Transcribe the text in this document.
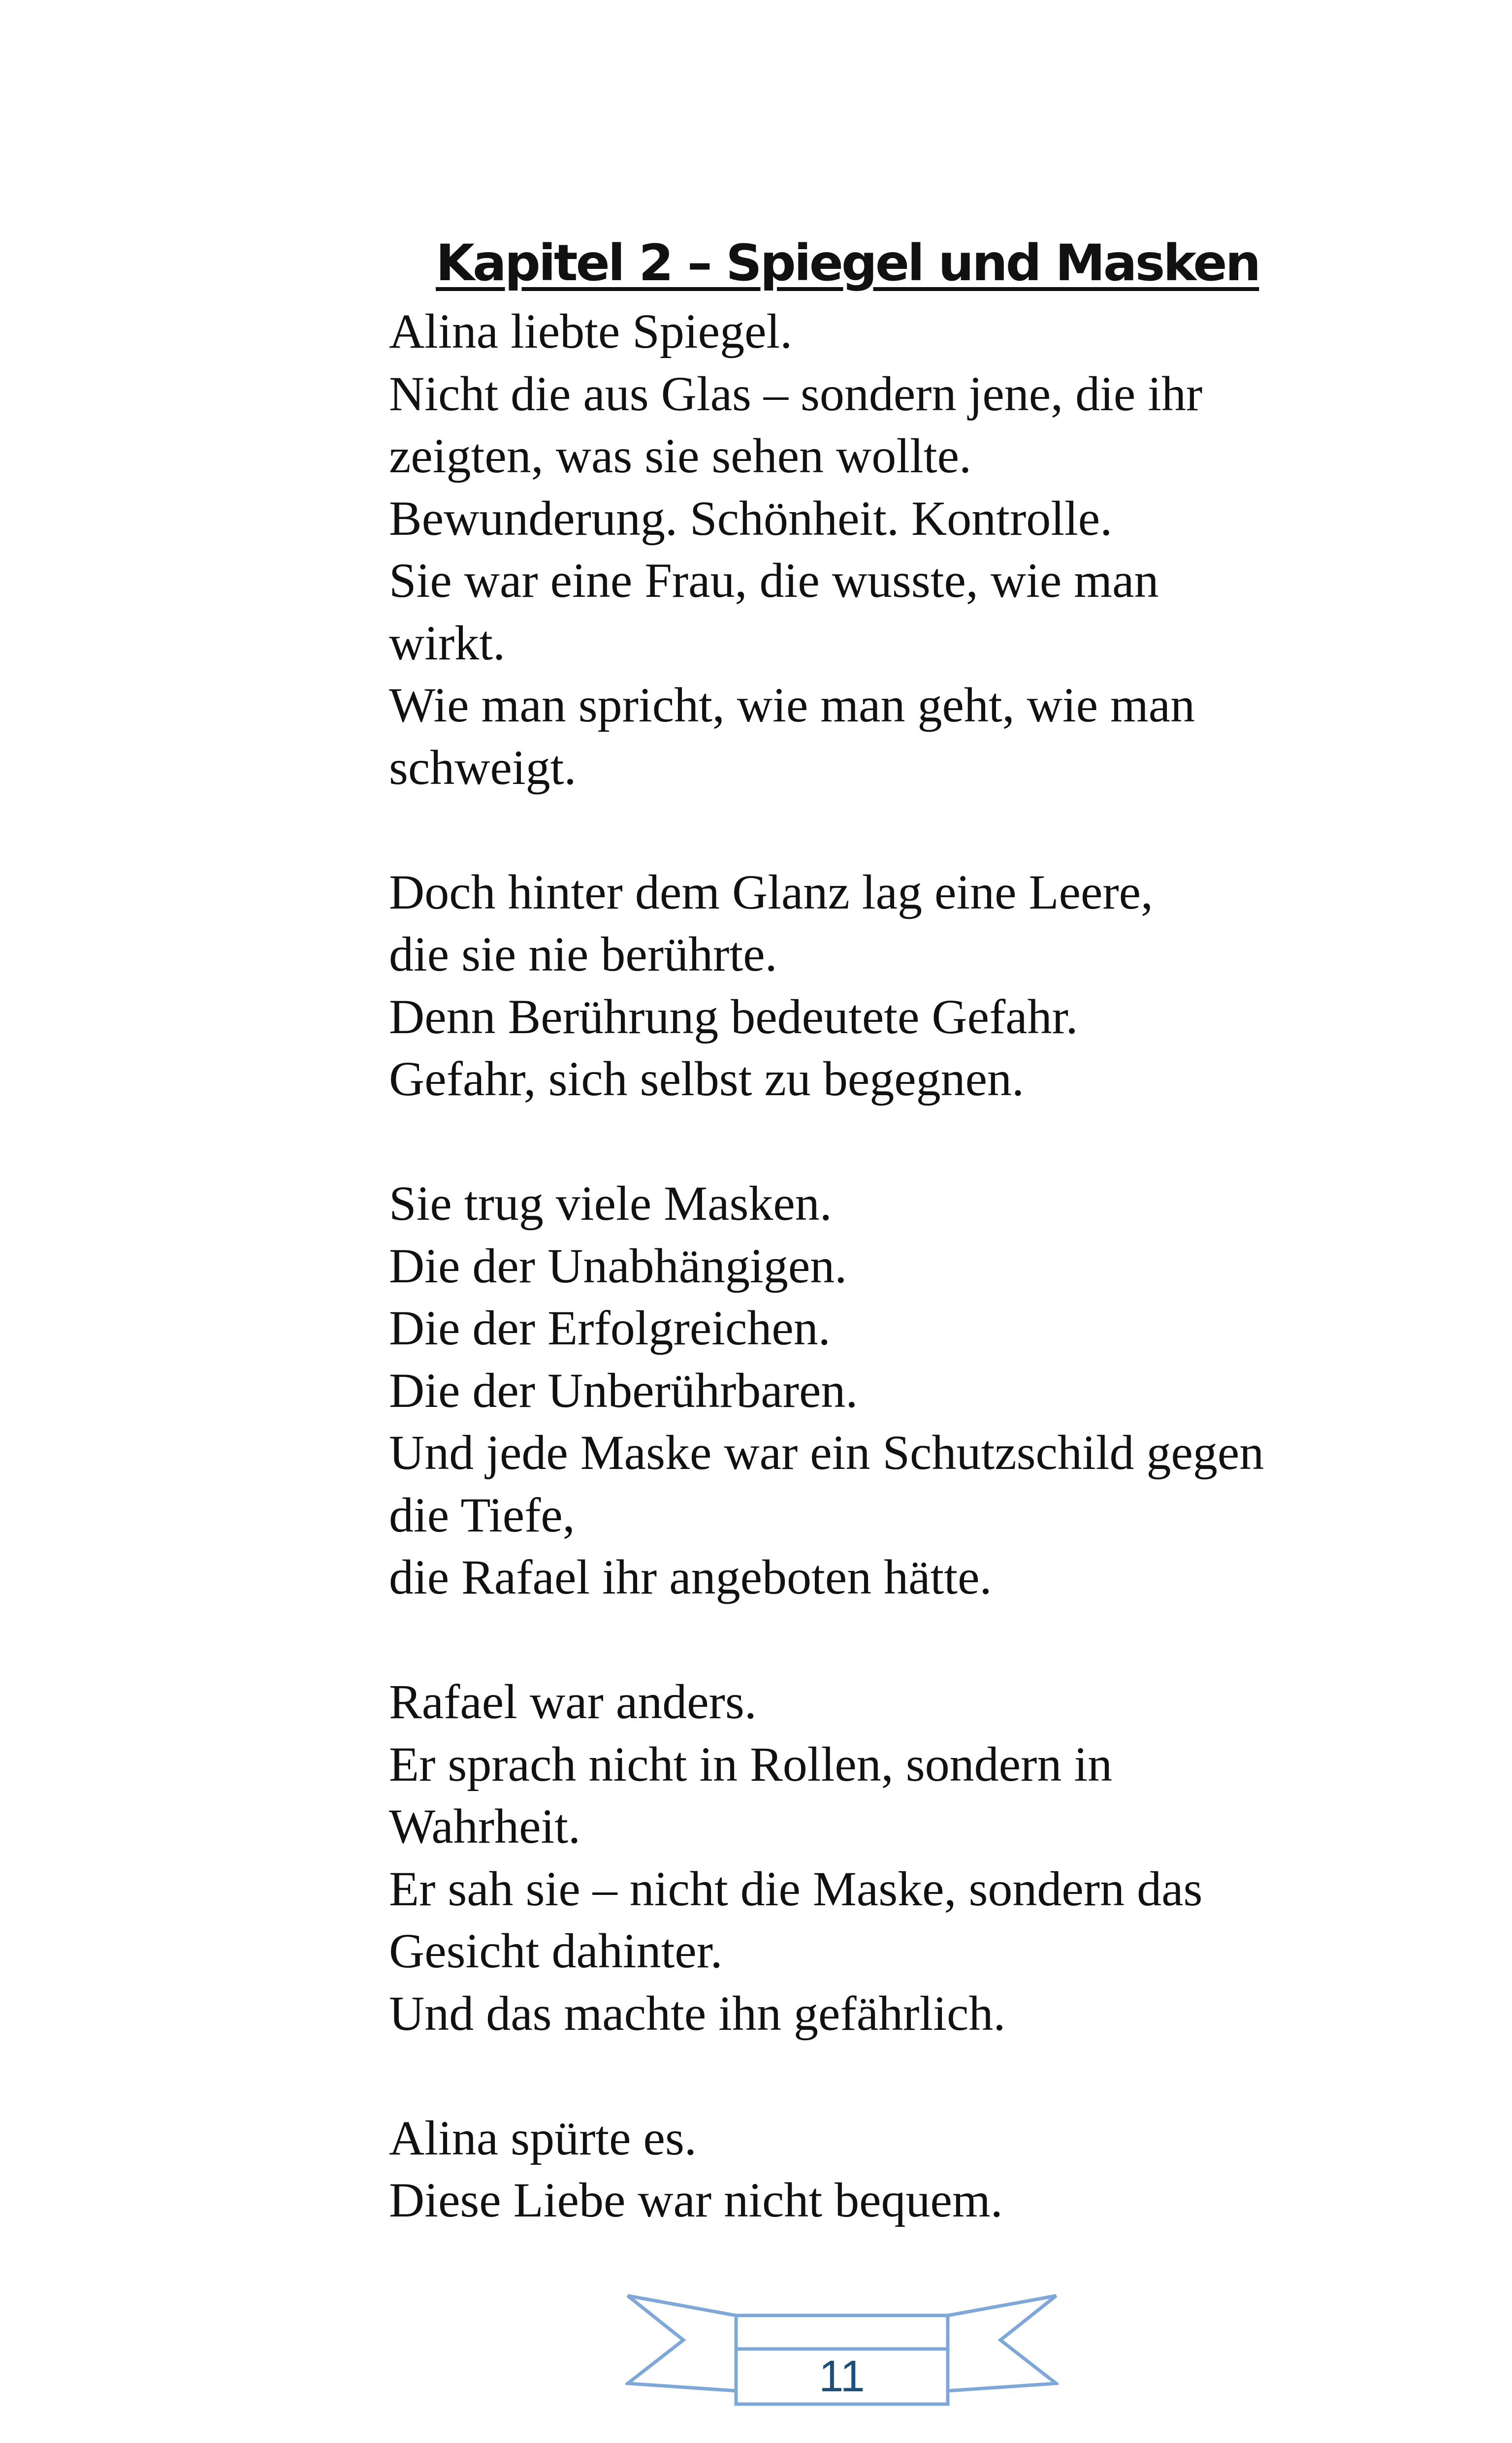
Kapitel 2 – Spiegel und Masken
Alina liebte Spiegel.
Nicht die aus Glas – sondern jene, die ihr
zeigten, was sie sehen wollte.
Bewunderung. Schönheit. Kontrolle.
Sie war eine Frau, die wusste, wie man
wirkt.
Wie man spricht, wie man geht, wie man
schweigt.
Doch hinter dem Glanz lag eine Leere,
die sie nie berührte.
Denn Berührung bedeutete Gefahr.
Gefahr, sich selbst zu begegnen.
Sie trug viele Masken.
Die der Unabhängigen.
Die der Erfolgreichen.
Die der Unberührbaren.
Und jede Maske war ein Schutzschild gegen
die Tiefe,
die Rafael ihr angeboten hätte.
Rafael war anders.
Er sprach nicht in Rollen, sondern in
Wahrheit.
Er sah sie – nicht die Maske, sondern das
Gesicht dahinter.
Und das machte ihn gefährlich.
Alina spürte es.
Diese Liebe war nicht bequem.
11
